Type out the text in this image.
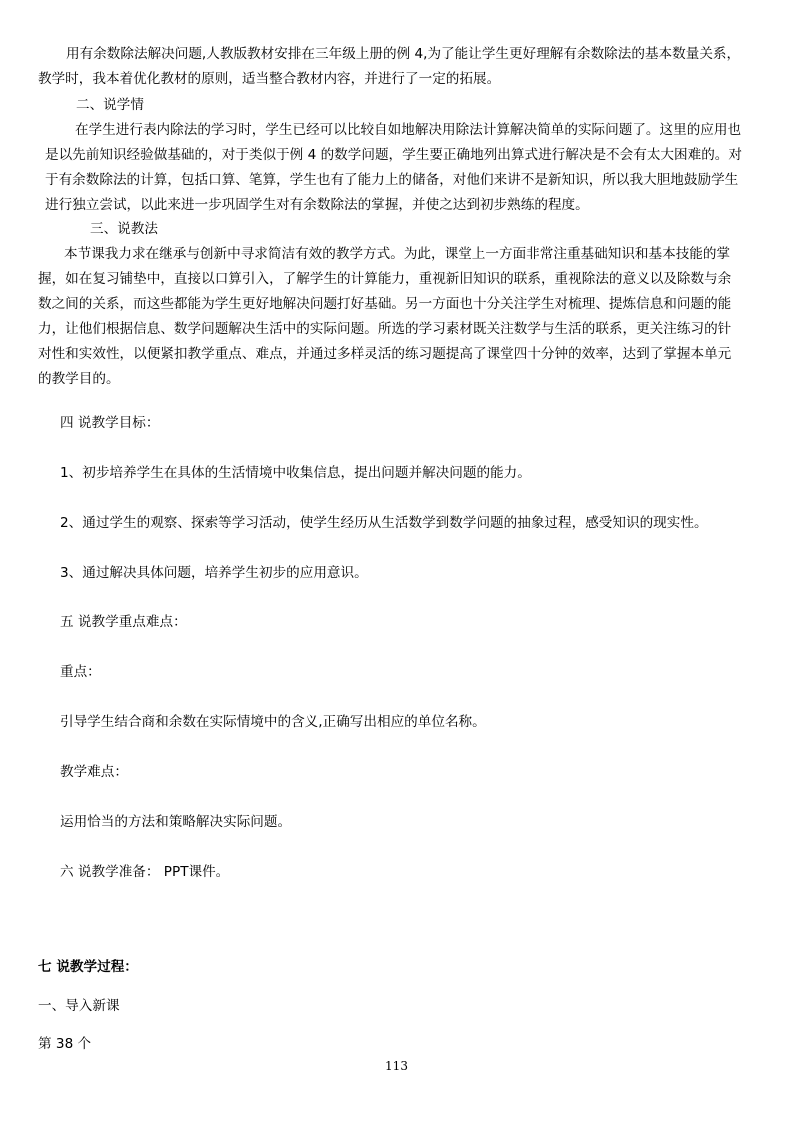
用有余数除法解决问题,人教版教材安排在三年级上册的例 4,为了能让学生更好理解有余数除法的基本数量关系，
教学时，我本着优化教材的原则，适当整合教材内容，并进行了一定的拓展。
二、说学情
在学生进行表内除法的学习时，学生已经可以比较自如地解决用除法计算解决简单的实际问题了。这里的应用也
是以先前知识经验做基础的，对于类似于例 4 的数学问题，学生要正确地列出算式进行解决是不会有太大困难的。对
于有余数除法的计算，包括口算、笔算，学生也有了能力上的储备，对他们来讲不是新知识，所以我大胆地鼓励学生
进行独立尝试，以此来进一步巩固学生对有余数除法的掌握，并使之达到初步熟练的程度。
三、说教法
本节课我力求在继承与创新中寻求简洁有效的教学方式。为此，课堂上一方面非常注重基础知识和基本技能的掌
握，如在复习铺垫中，直接以口算引入，了解学生的计算能力，重视新旧知识的联系，重视除法的意义以及除数与余
数之间的关系，而这些都能为学生更好地解决问题打好基础。另一方面也十分关注学生对梳理、提炼信息和问题的能
力，让他们根据信息、数学问题解决生活中的实际问题。所选的学习素材既关注数学与生活的联系，更关注练习的针
对性和实效性，以便紧扣教学重点、难点，并通过多样灵活的练习题提高了课堂四十分钟的效率，达到了掌握本单元
的教学目的。
四 说教学目标：
1、初步培养学生在具体的生活情境中收集信息，提出问题并解决问题的能力。
2、通过学生的观察、探索等学习活动，使学生经历从生活数学到数学问题的抽象过程，感受知识的现实性。
3、通过解决具体问题，培养学生初步的应用意识。
五 说教学重点难点：
重点：
引导学生结合商和余数在实际情境中的含义,正确写出相应的单位名称。
教学难点：
运用恰当的方法和策略解决实际问题。
六 说教学准备： PPT课件。
七 说教学过程：
一、导入新课
第 38 个
113
